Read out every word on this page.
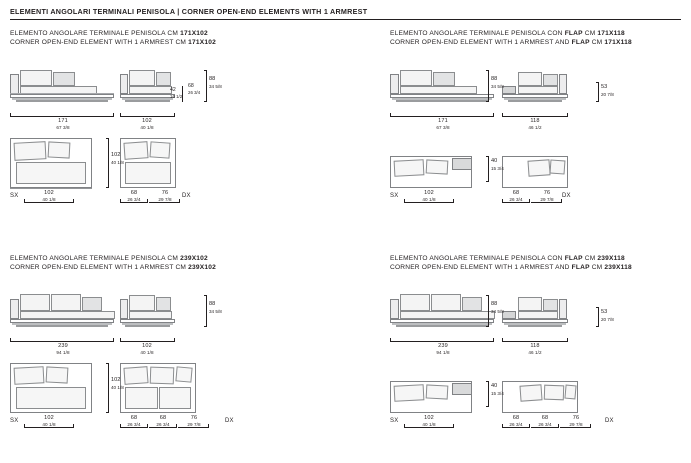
ELEMENTI ANGOLARI TERMINALI PENISOLA | CORNER OPEN-END ELEMENTS WITH 1 ARMREST
ELEMENTO ANGOLARE TERMINALE PENISOLA CM 171X102
CORNER OPEN-END ELEMENT WITH 1 ARMREST CM 171X102
88
34 5/8
42
16 1/2
68
26 3/4
171
67 3/8
102
40 1/8
102
40 1/8
SX	DX
102
40 1/8
68
26 3/4
76
29 7/8
ELEMENTO ANGOLARE TERMINALE PENISOLA CON FLAP CM 171X118
CORNER OPEN-END ELEMENT WITH 1 ARMREST AND FLAP CM 171X118
88
34 5/8	53
20 7/8
171
67 3/8
118
46 1/2
40
15 3/4
SX	DX
102
40 1/8
68
26 3/4
76
29 7/8
ELEMENTO ANGOLARE TERMINALE PENISOLA CM 239X102
CORNER OPEN-END ELEMENT WITH 1 ARMREST CM 239X102
88
34 5/8
239
94 1/8
102
40 1/8
102
40 1/8
SX	DX
102
40 1/8
68
26 3/4
68
26 3/4
76
29 7/8
ELEMENTO ANGOLARE TERMINALE PENISOLA CON FLAP CM 239X118
CORNER OPEN-END ELEMENT WITH 1 ARMREST AND FLAP CM 239X118
88
34 5/8	53
20 7/8
239
94 1/8
118
46 1/2
40
15 3/4
SX	DX
102
40 1/8
68
26 3/4
68
26 3/4
76
29 7/8
